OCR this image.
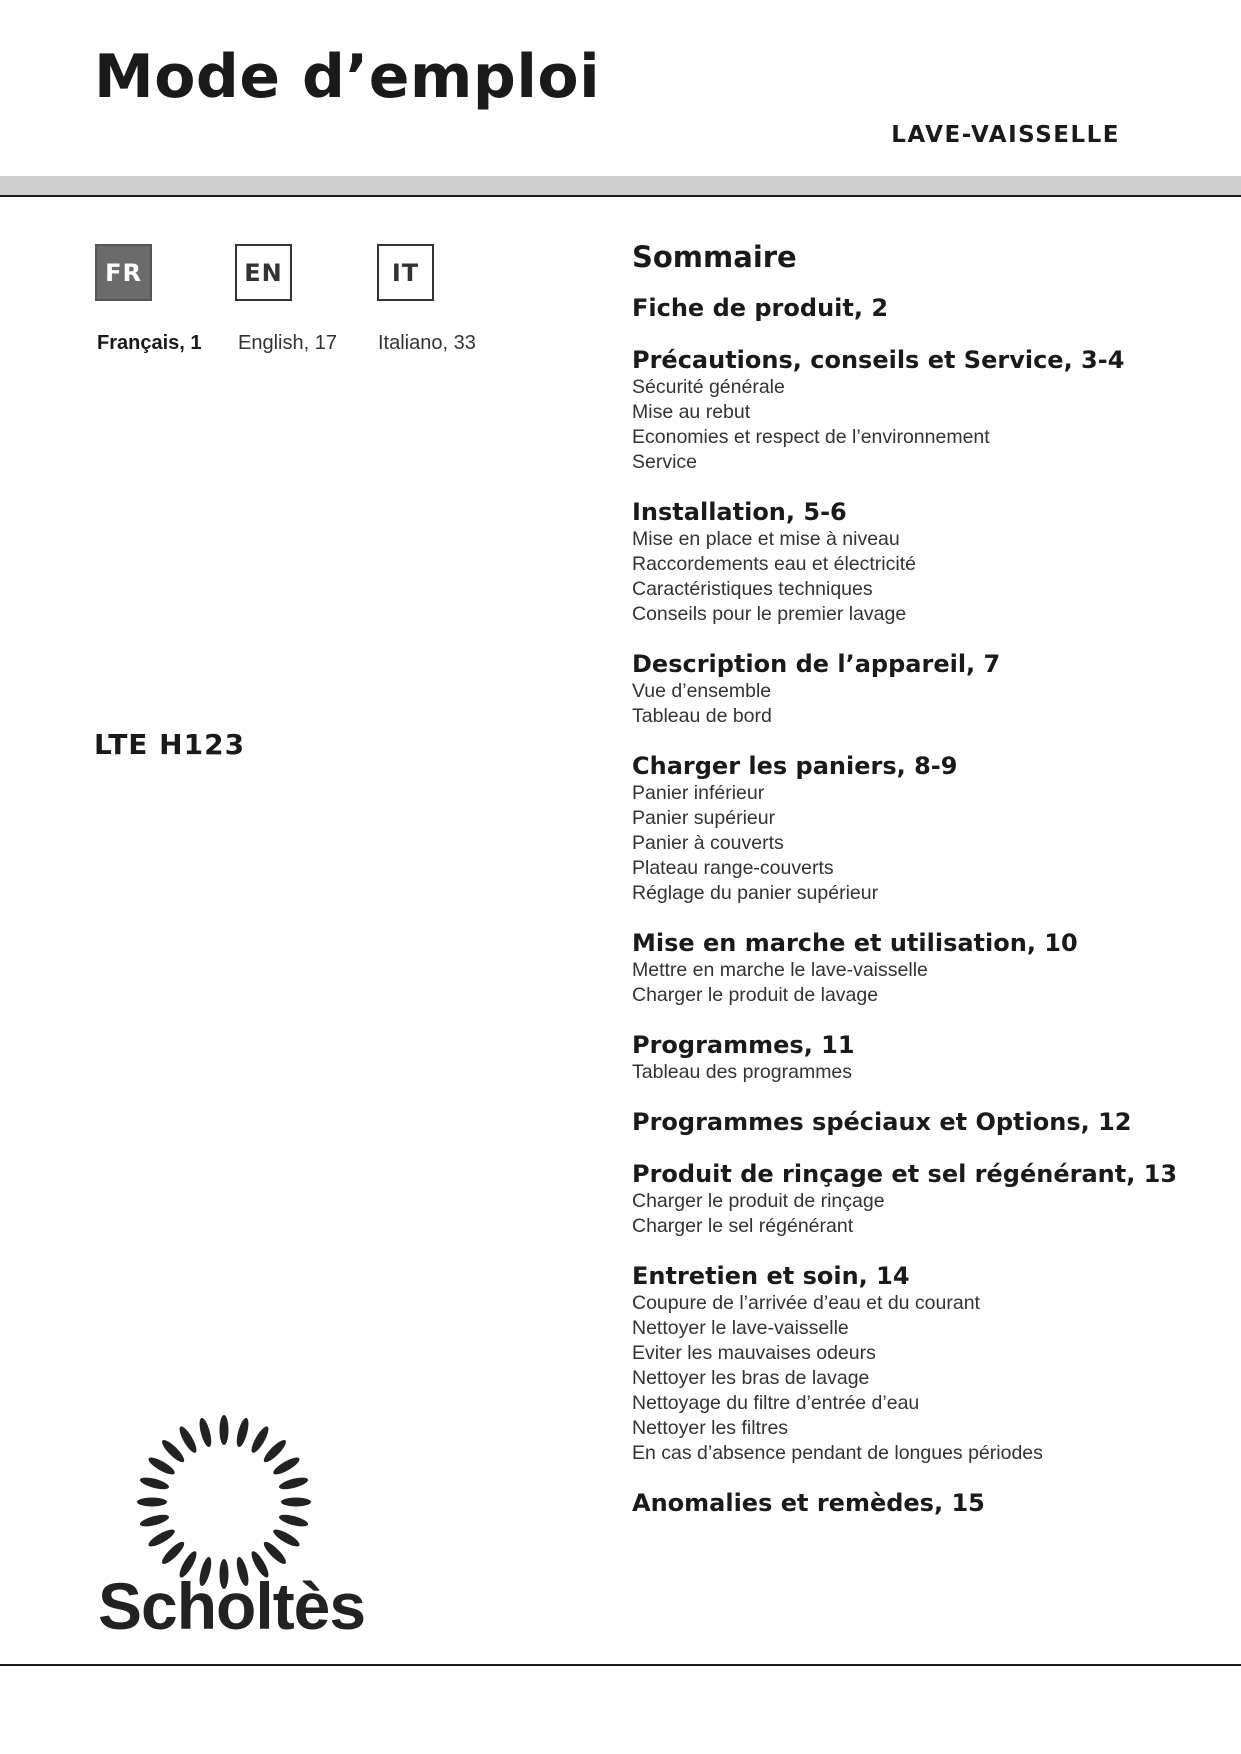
Mode d’emploi
LAVE-VAISSELLE
FR	EN	IT
Français, 1 English, 17 Italiano, 33
LTE H123
Sommaire
Fiche de produit, 2
Précautions, conseils et Service, 3-4
Sécurité générale
Mise au rebut
Economies et respect de l’environnement
Service
Installation, 5-6
Mise en place et mise à niveau
Raccordements eau et électricité
Caractéristiques techniques
Conseils pour le premier lavage
Description de l’appareil, 7
Vue d’ensemble
Tableau de bord
Charger les paniers, 8-9
Panier inférieur
Panier supérieur
Panier à couverts
Plateau range-couverts
Réglage du panier supérieur
Mise en marche et utilisation, 10
Mettre en marche le lave-vaisselle
Charger le produit de lavage
Programmes, 11
Tableau des programmes
Programmes spéciaux et Options, 12
Produit de rinçage et sel régénérant, 13
Charger le produit de rinçage
Charger le sel régénérant
Entretien et soin, 14
Coupure de l’arrivée d’eau et du courant
Nettoyer le lave-vaisselle
Eviter les mauvaises odeurs
Nettoyer les bras de lavage
Nettoyage du filtre d’entrée d’eau
Nettoyer les filtres
En cas d’absence pendant de longues périodes
Anomalies et remèdes, 15
Scholtès
